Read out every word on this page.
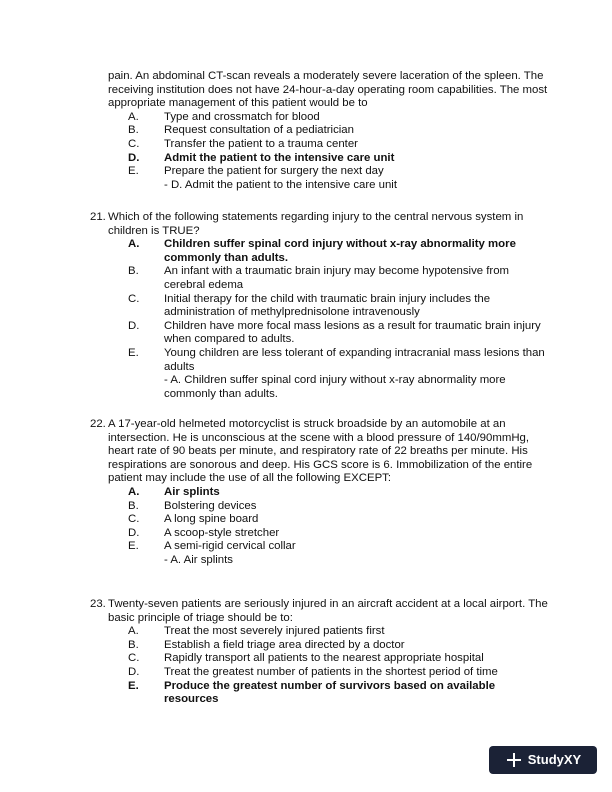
pain. An abdominal CT-scan reveals a moderately severe laceration of the spleen. The receiving institution does not have 24-hour-a-day operating room capabilities. The most appropriate management of this patient would be to
A.	Type and crossmatch for blood
B.	Request consultation of a pediatrician
C.	Transfer the patient to a trauma center
D.	Admit the patient to the intensive care unit
E.	Prepare the patient for surgery the next day
- D. Admit the patient to the intensive care unit
21. Which of the following statements regarding injury to the central nervous system in children is TRUE?
A.	Children suffer spinal cord injury without x-ray abnormality more commonly than adults.
B.	An infant with a traumatic brain injury may become hypotensive from cerebral edema
C.	Initial therapy for the child with traumatic brain injury includes the administration of methylprednisolone intravenously
D.	Children have more focal mass lesions as a result for traumatic brain injury when compared to adults.
E.	Young children are less tolerant of expanding intracranial mass lesions than adults
- A. Children suffer spinal cord injury without x-ray abnormality more commonly than adults.
22. A 17-year-old helmeted motorcyclist is struck broadside by an automobile at an intersection. He is unconscious at the scene with a blood pressure of 140/90mmHg, heart rate of 90 beats per minute, and respiratory rate of 22 breaths per minute. His respirations are sonorous and deep. His GCS score is 6. Immobilization of the entire patient may include the use of all the following EXCEPT:
A.	Air splints
B.	Bolstering devices
C.	A long spine board
D.	A scoop-style stretcher
E.	A semi-rigid cervical collar
- A. Air splints
23. Twenty-seven patients are seriously injured in an aircraft accident at a local airport. The basic principle of triage should be to:
A.	Treat the most severely injured patients first
B.	Establish a field triage area directed by a doctor
C.	Rapidly transport all patients to the nearest appropriate hospital
D.	Treat the greatest number of patients in the shortest period of time
E.	Produce the greatest number of survivors based on available resources
StudyXY
